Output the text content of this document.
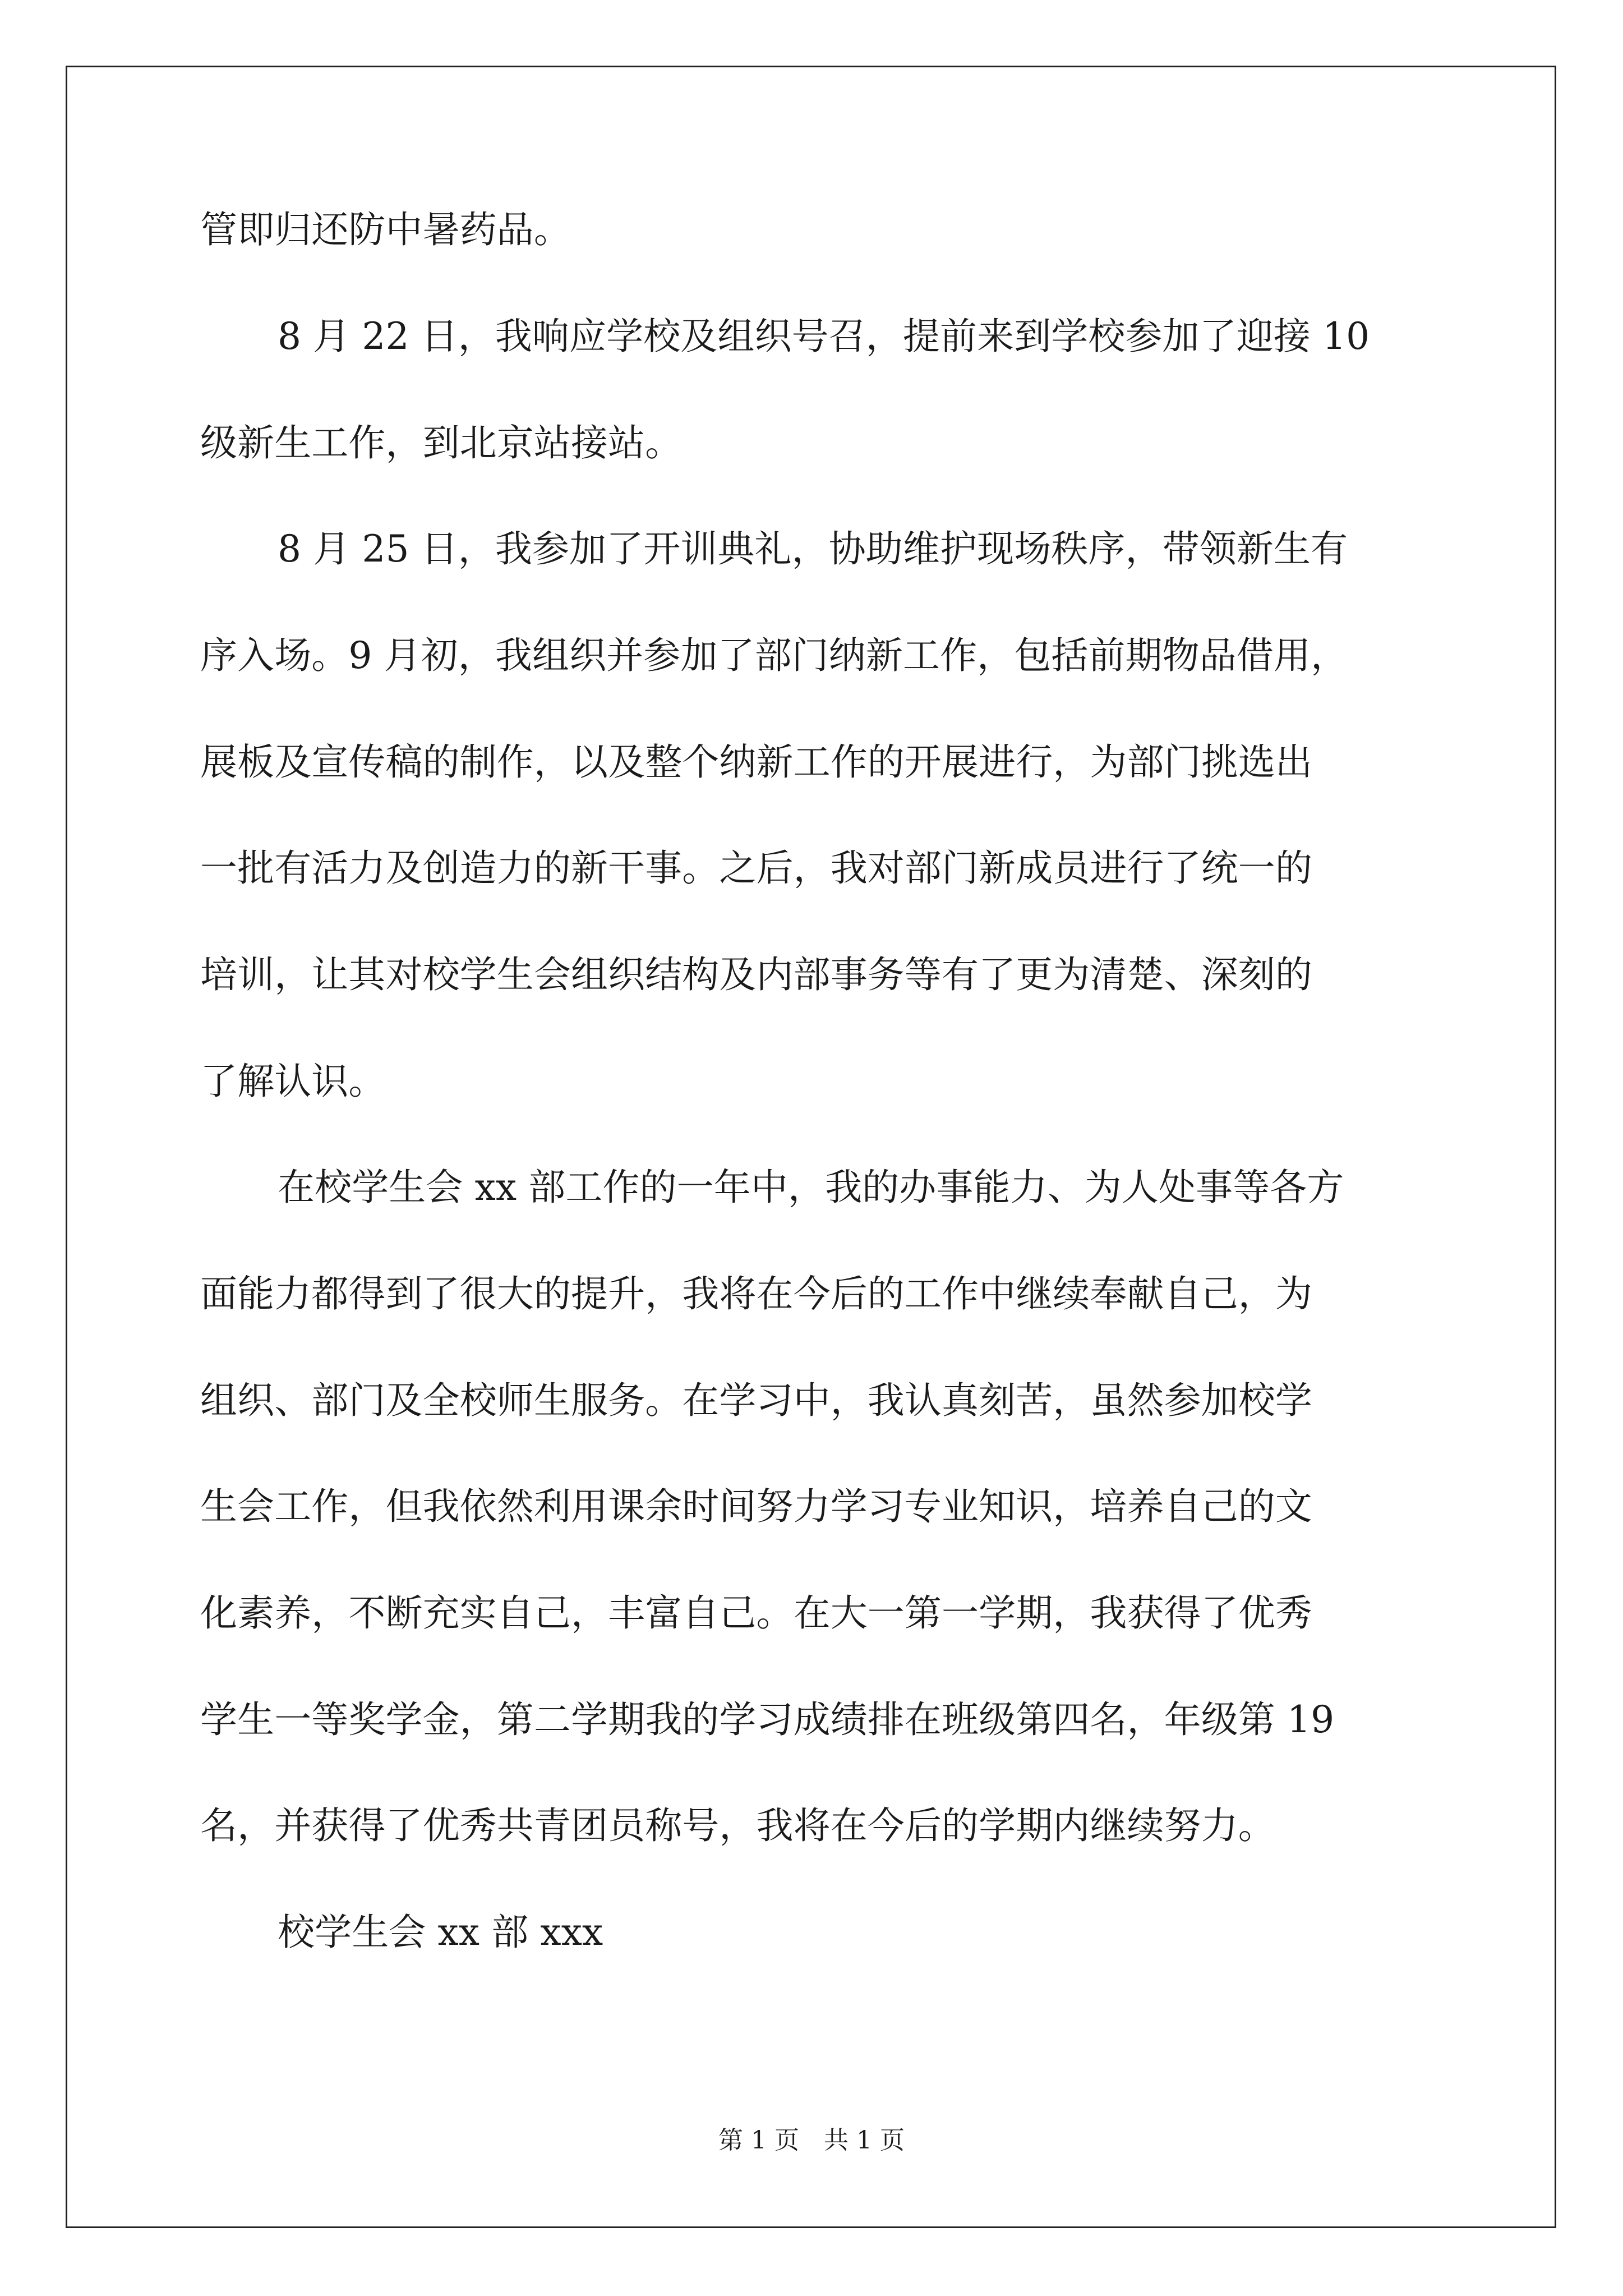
管即归还防中暑药品。
8 月 22 日，我响应学校及组织号召，提前来到学校参加了迎接 10
级新生工作，到北京站接站。
8 月 25 日，我参加了开训典礼，协助维护现场秩序，带领新生有
序入场。9 月初，我组织并参加了部门纳新工作，包括前期物品借用，
展板及宣传稿的制作，以及整个纳新工作的开展进行，为部门挑选出
一批有活力及创造力的新干事。之后，我对部门新成员进行了统一的
培训，让其对校学生会组织结构及内部事务等有了更为清楚、深刻的
了解认识。
在校学生会 xx 部工作的一年中，我的办事能力、为人处事等各方
面能力都得到了很大的提升，我将在今后的工作中继续奉献自己，为
组织、部门及全校师生服务。在学习中，我认真刻苦，虽然参加校学
生会工作，但我依然利用课余时间努力学习专业知识，培养自己的文
化素养，不断充实自己，丰富自己。在大一第一学期，我获得了优秀
学生一等奖学金，第二学期我的学习成绩排在班级第四名，年级第 19
名，并获得了优秀共青团员称号，我将在今后的学期内继续努力。
校学生会 xx 部 xxx
第 1 页　共 1 页
